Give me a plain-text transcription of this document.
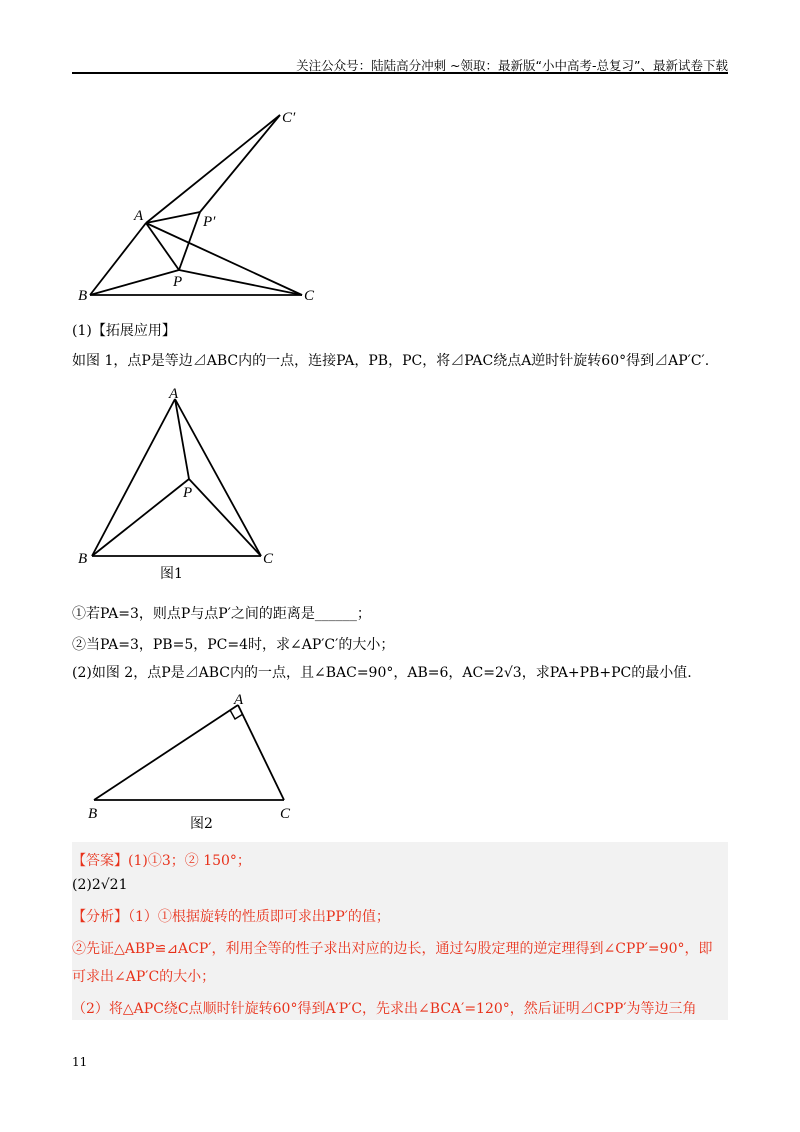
关注公众号：陆陆高分冲刺 ~领取：最新版“小中高考-总复习”、最新试卷下载
C′
A	P′
P
B	C
(1)【拓展应用】
如图 1，点P是等边⊿ABC内的一点，连接PA，PB，PC，将⊿PAC绕点A逆时针旋转60°得到⊿AP′C′.
A
P
B	C
图1
①若PA=3，则点P与点P′之间的距离是______；
②当PA=3，PB=5，PC=4时，求∠AP′C′的大小；
(2)如图 2，点P是⊿ABC内的一点，且∠BAC=90°，AB=6，AC=2√3，求PA+PB+PC的最小值.
A
B	C
图2
【答案】(1)①3；② 150°；
(2)2√21
【分析】（1）①根据旋转的性质即可求出PP′的值；
②先证△ABP≌⊿ACP′，利用全等的性子求出对应的边长，通过勾股定理的逆定理得到∠CPP′=90°，即
可求出∠AP′C的大小；
（2）将△APC绕C点顺时针旋转60°得到A′P′C，先求出∠BCA′=120°，然后证明⊿CPP′为等边三角
11
